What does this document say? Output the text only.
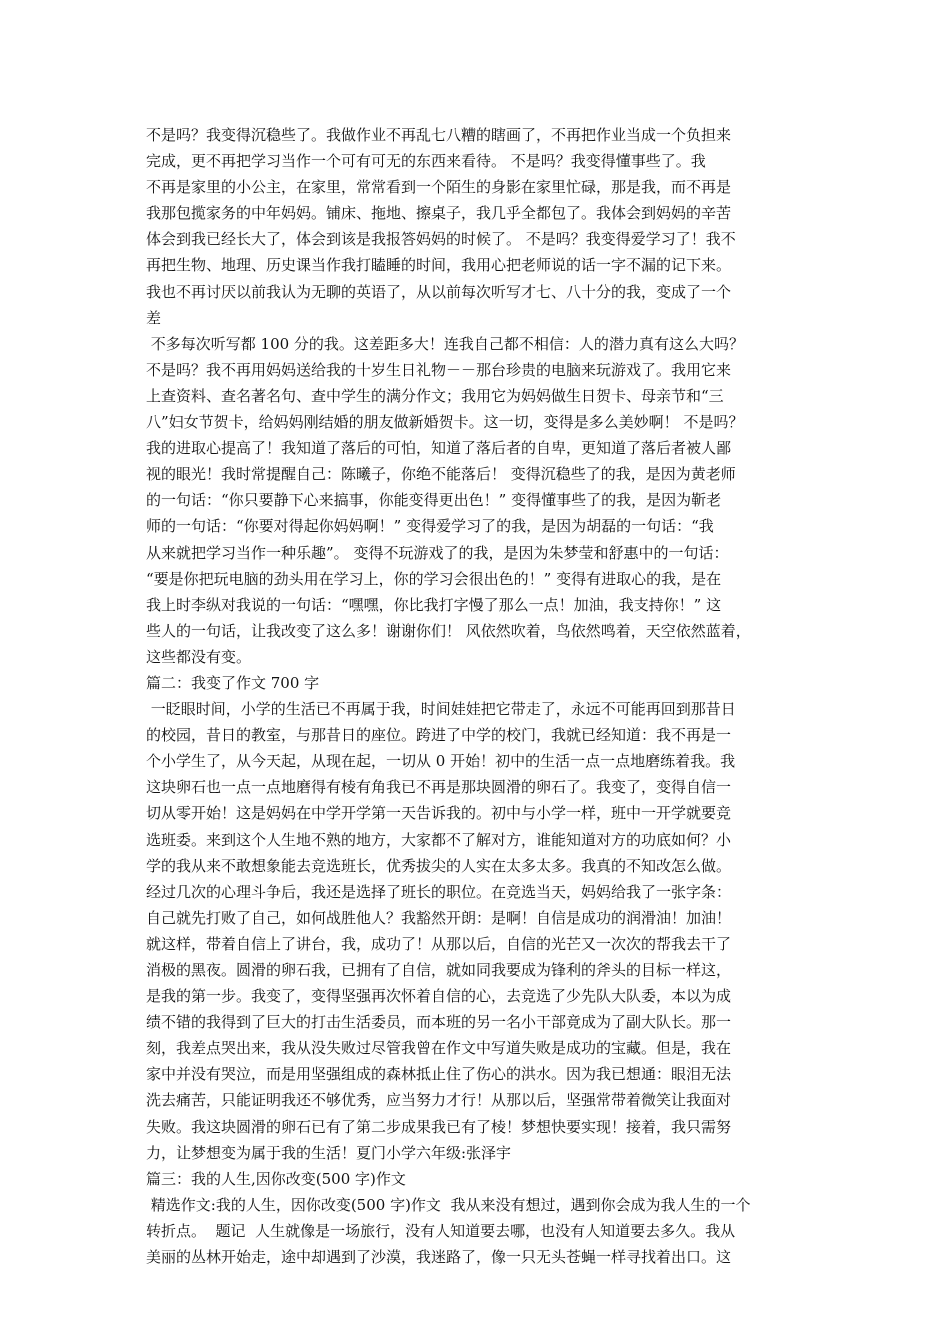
不是吗？我变得沉稳些了。我做作业不再乱七八糟的瞎画了，不再把作业当成一个负担来
完成，更不再把学习当作一个可有可无的东西来看待。 不是吗？我变得懂事些了。我
不再是家里的小公主，在家里，常常看到一个陌生的身影在家里忙碌，那是我，而不再是
我那包揽家务的中年妈妈。铺床、拖地、擦桌子，我几乎全都包了。我体会到妈妈的辛苦
体会到我已经长大了，体会到该是我报答妈妈的时候了。 不是吗？我变得爱学习了！我不
再把生物、地理、历史课当作我打瞌睡的时间，我用心把老师说的话一字不漏的记下来。
我也不再讨厌以前我认为无聊的英语了，从以前每次听写才七、八十分的我，变成了一个
差
不多每次听写都 100 分的我。这差距多大！连我自己都不相信：人的潜力真有这么大吗？
不是吗？我不再用妈妈送给我的十岁生日礼物－－那台珍贵的电脑来玩游戏了。我用它来
上查资料、查名著名句、查中学生的满分作文；我用它为妈妈做生日贺卡、母亲节和“三
八”妇女节贺卡，给妈妈刚结婚的朋友做新婚贺卡。这一切，变得是多么美妙啊！ 不是吗？
我的进取心提高了！我知道了落后的可怕，知道了落后者的自卑，更知道了落后者被人鄙
视的眼光！我时常提醒自己：陈曦子，你绝不能落后！ 变得沉稳些了的我，是因为黄老师
的一句话：“你只要静下心来搞事，你能变得更出色！” 变得懂事些了的我，是因为靳老
师的一句话：“你要对得起你妈妈啊！” 变得爱学习了的我，是因为胡磊的一句话：“我
从来就把学习当作一种乐趣”。 变得不玩游戏了的我，是因为朱梦莹和舒惠中的一句话：
“要是你把玩电脑的劲头用在学习上，你的学习会很出色的！” 变得有进取心的我，是在
我上时李纵对我说的一句话：“嘿嘿，你比我打字慢了那么一点！加油，我支持你！” 这
些人的一句话，让我改变了这么多！谢谢你们！ 风依然吹着，鸟依然鸣着，天空依然蓝着，
这些都没有变。
篇二：我变了作文 700 字
一眨眼时间，小学的生活已不再属于我，时间娃娃把它带走了，永远不可能再回到那昔日
的校园，昔日的教室，与那昔日的座位。跨进了中学的校门，我就已经知道：我不再是一
个小学生了，从今天起，从现在起，一切从 0 开始！初中的生活一点一点地磨练着我。我
这块卵石也一点一点地磨得有棱有角我已不再是那块圆滑的卵石了。我变了，变得自信一
切从零开始！这是妈妈在中学开学第一天告诉我的。初中与小学一样，班中一开学就要竞
选班委。来到这个人生地不熟的地方，大家都不了解对方，谁能知道对方的功底如何？小
学的我从来不敢想象能去竞选班长，优秀拔尖的人实在太多太多。我真的不知改怎么做。
经过几次的心理斗争后，我还是选择了班长的职位。在竞选当天，妈妈给我了一张字条：
自己就先打败了自己，如何战胜他人？我豁然开朗：是啊！自信是成功的润滑油！加油！
就这样，带着自信上了讲台，我，成功了！从那以后，自信的光芒又一次次的帮我去干了
消极的黑夜。圆滑的卵石我，已拥有了自信，就如同我要成为锋利的斧头的目标一样这，
是我的第一步。我变了，变得坚强再次怀着自信的心，去竞选了少先队大队委，本以为成
绩不错的我得到了巨大的打击生活委员，而本班的另一名小干部竟成为了副大队长。那一
刻，我差点哭出来，我从没失败过尽管我曾在作文中写道失败是成功的宝藏。但是，我在
家中并没有哭泣，而是用坚强组成的森林抵止住了伤心的洪水。因为我已想通：眼泪无法
洗去痛苦，只能证明我还不够优秀，应当努力才行！从那以后，坚强常带着微笑让我面对
失败。我这块圆滑的卵石已有了第二步成果我已有了棱！梦想快要实现！接着，我只需努
力，让梦想变为属于我的生活！夏门小学六年级:张泽宇
篇三：我的人生,因你改变(500 字)作文
精选作文:我的人生，因你改变(500 字)作文  我从来没有想过，遇到你会成为我人生的一个
转折点。  题记  人生就像是一场旅行，没有人知道要去哪，也没有人知道要去多久。我从
美丽的丛林开始走，途中却遇到了沙漠，我迷路了，像一只无头苍蝇一样寻找着出口。这
